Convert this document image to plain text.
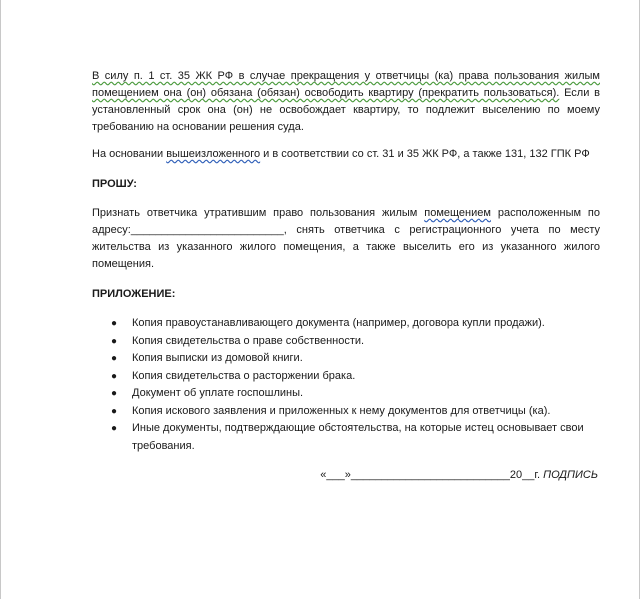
В силу п. 1 ст. 35 ЖК РФ в случае прекращения у ответчицы (ка) права пользования жилым помещением она (он) обязана (обязан) освободить квартиру (прекратить пользоваться). Если в установленный срок она (он) не освобождает квартиру, то подлежит выселению по моему требованию на основании решения суда.

На основании вышеизложенного и в соответствии со ст. 31 и 35 ЖК РФ, а также 131, 132 ГПК РФ

ПРОШУ:

Признать ответчика утратившим право пользования жилым помещением расположенным по адресу:_________________________, снять ответчика с регистрационного учета по месту жительства из указанного жилого помещения, а также выселить его из указанного жилого помещения.

ПРИЛОЖЕНИЕ:
● Копия правоустанавливающего документа (например, договора купли продажи).
● Копия свидетельства о праве собственности.
● Копия выписки из домовой книги.
● Копия свидетельства о расторжении брака.
● Документ об уплате госпошлины.
● Копия искового заявления и приложенных к нему документов для ответчицы (ка).
● Иные документы, подтверждающие обстоятельства, на которые истец основывает свои требования.
«___»__________________________20__г. ПОДПИСЬ
